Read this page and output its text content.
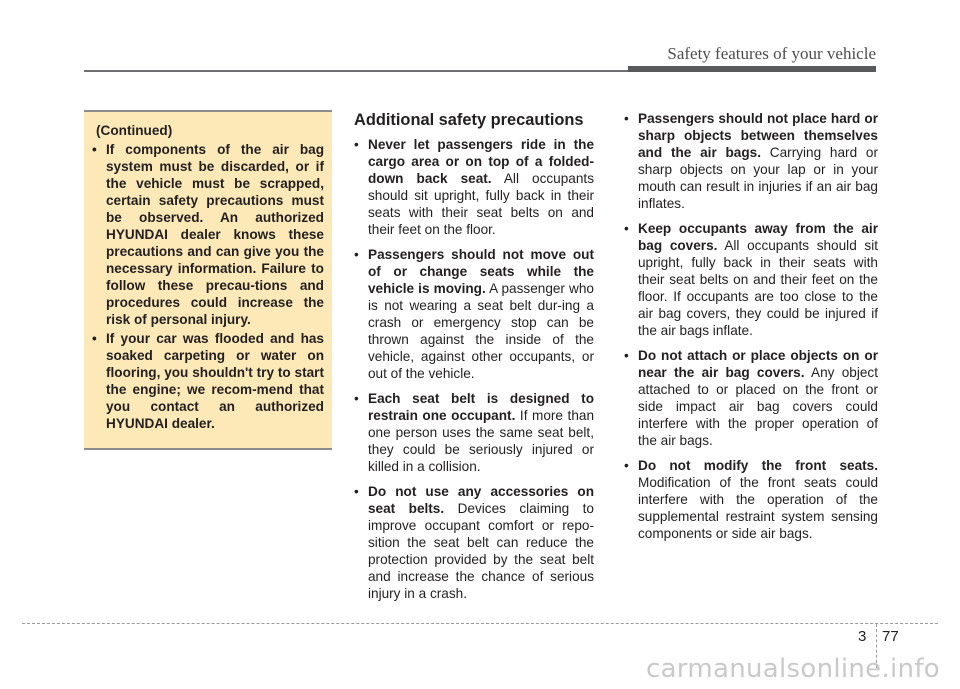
Safety features of your vehicle
(Continued)
• If components of the air bag system must be discarded, or if the vehicle must be scrapped, certain safety precautions must be observed. An authorized HYUNDAI dealer knows these precautions and can give you the necessary information. Failure to follow these precau-tions and procedures could increase the risk of personal injury.
• If your car was flooded and has soaked carpeting or water on flooring, you shouldn't try to start the engine; we recom-mend that you contact an authorized HYUNDAI dealer.
Additional safety precautions
• Never let passengers ride in the cargo area or on top of a folded-down back seat. All occupants should sit upright, fully back in their seats with their seat belts on and their feet on the floor.
• Passengers should not move out of or change seats while the vehicle is moving. A passenger who is not wearing a seat belt dur-ing a crash or emergency stop can be thrown against the inside of the vehicle, against other occupants, or out of the vehicle.
• Each seat belt is designed to restrain one occupant. If more than one person uses the same seat belt, they could be seriously injured or killed in a collision.
• Do not use any accessories on seat belts. Devices claiming to improve occupant comfort or repo-sition the seat belt can reduce the protection provided by the seat belt and increase the chance of serious injury in a crash.
• Passengers should not place hard or sharp objects between themselves and the air bags. Carrying hard or sharp objects on your lap or in your mouth can result in injuries if an air bag inflates.
• Keep occupants away from the air bag covers. All occupants should sit upright, fully back in their seats with their seat belts on and their feet on the floor. If occupants are too close to the air bag covers, they could be injured if the air bags inflate.
• Do not attach or place objects on or near the air bag covers. Any object attached to or placed on the front or side impact air bag covers could interfere with the proper operation of the air bags.
• Do not modify the front seats. Modification of the front seats could interfere with the operation of the supplemental restraint system sensing components or side air bags.
3 77
carmanualsonline.info
